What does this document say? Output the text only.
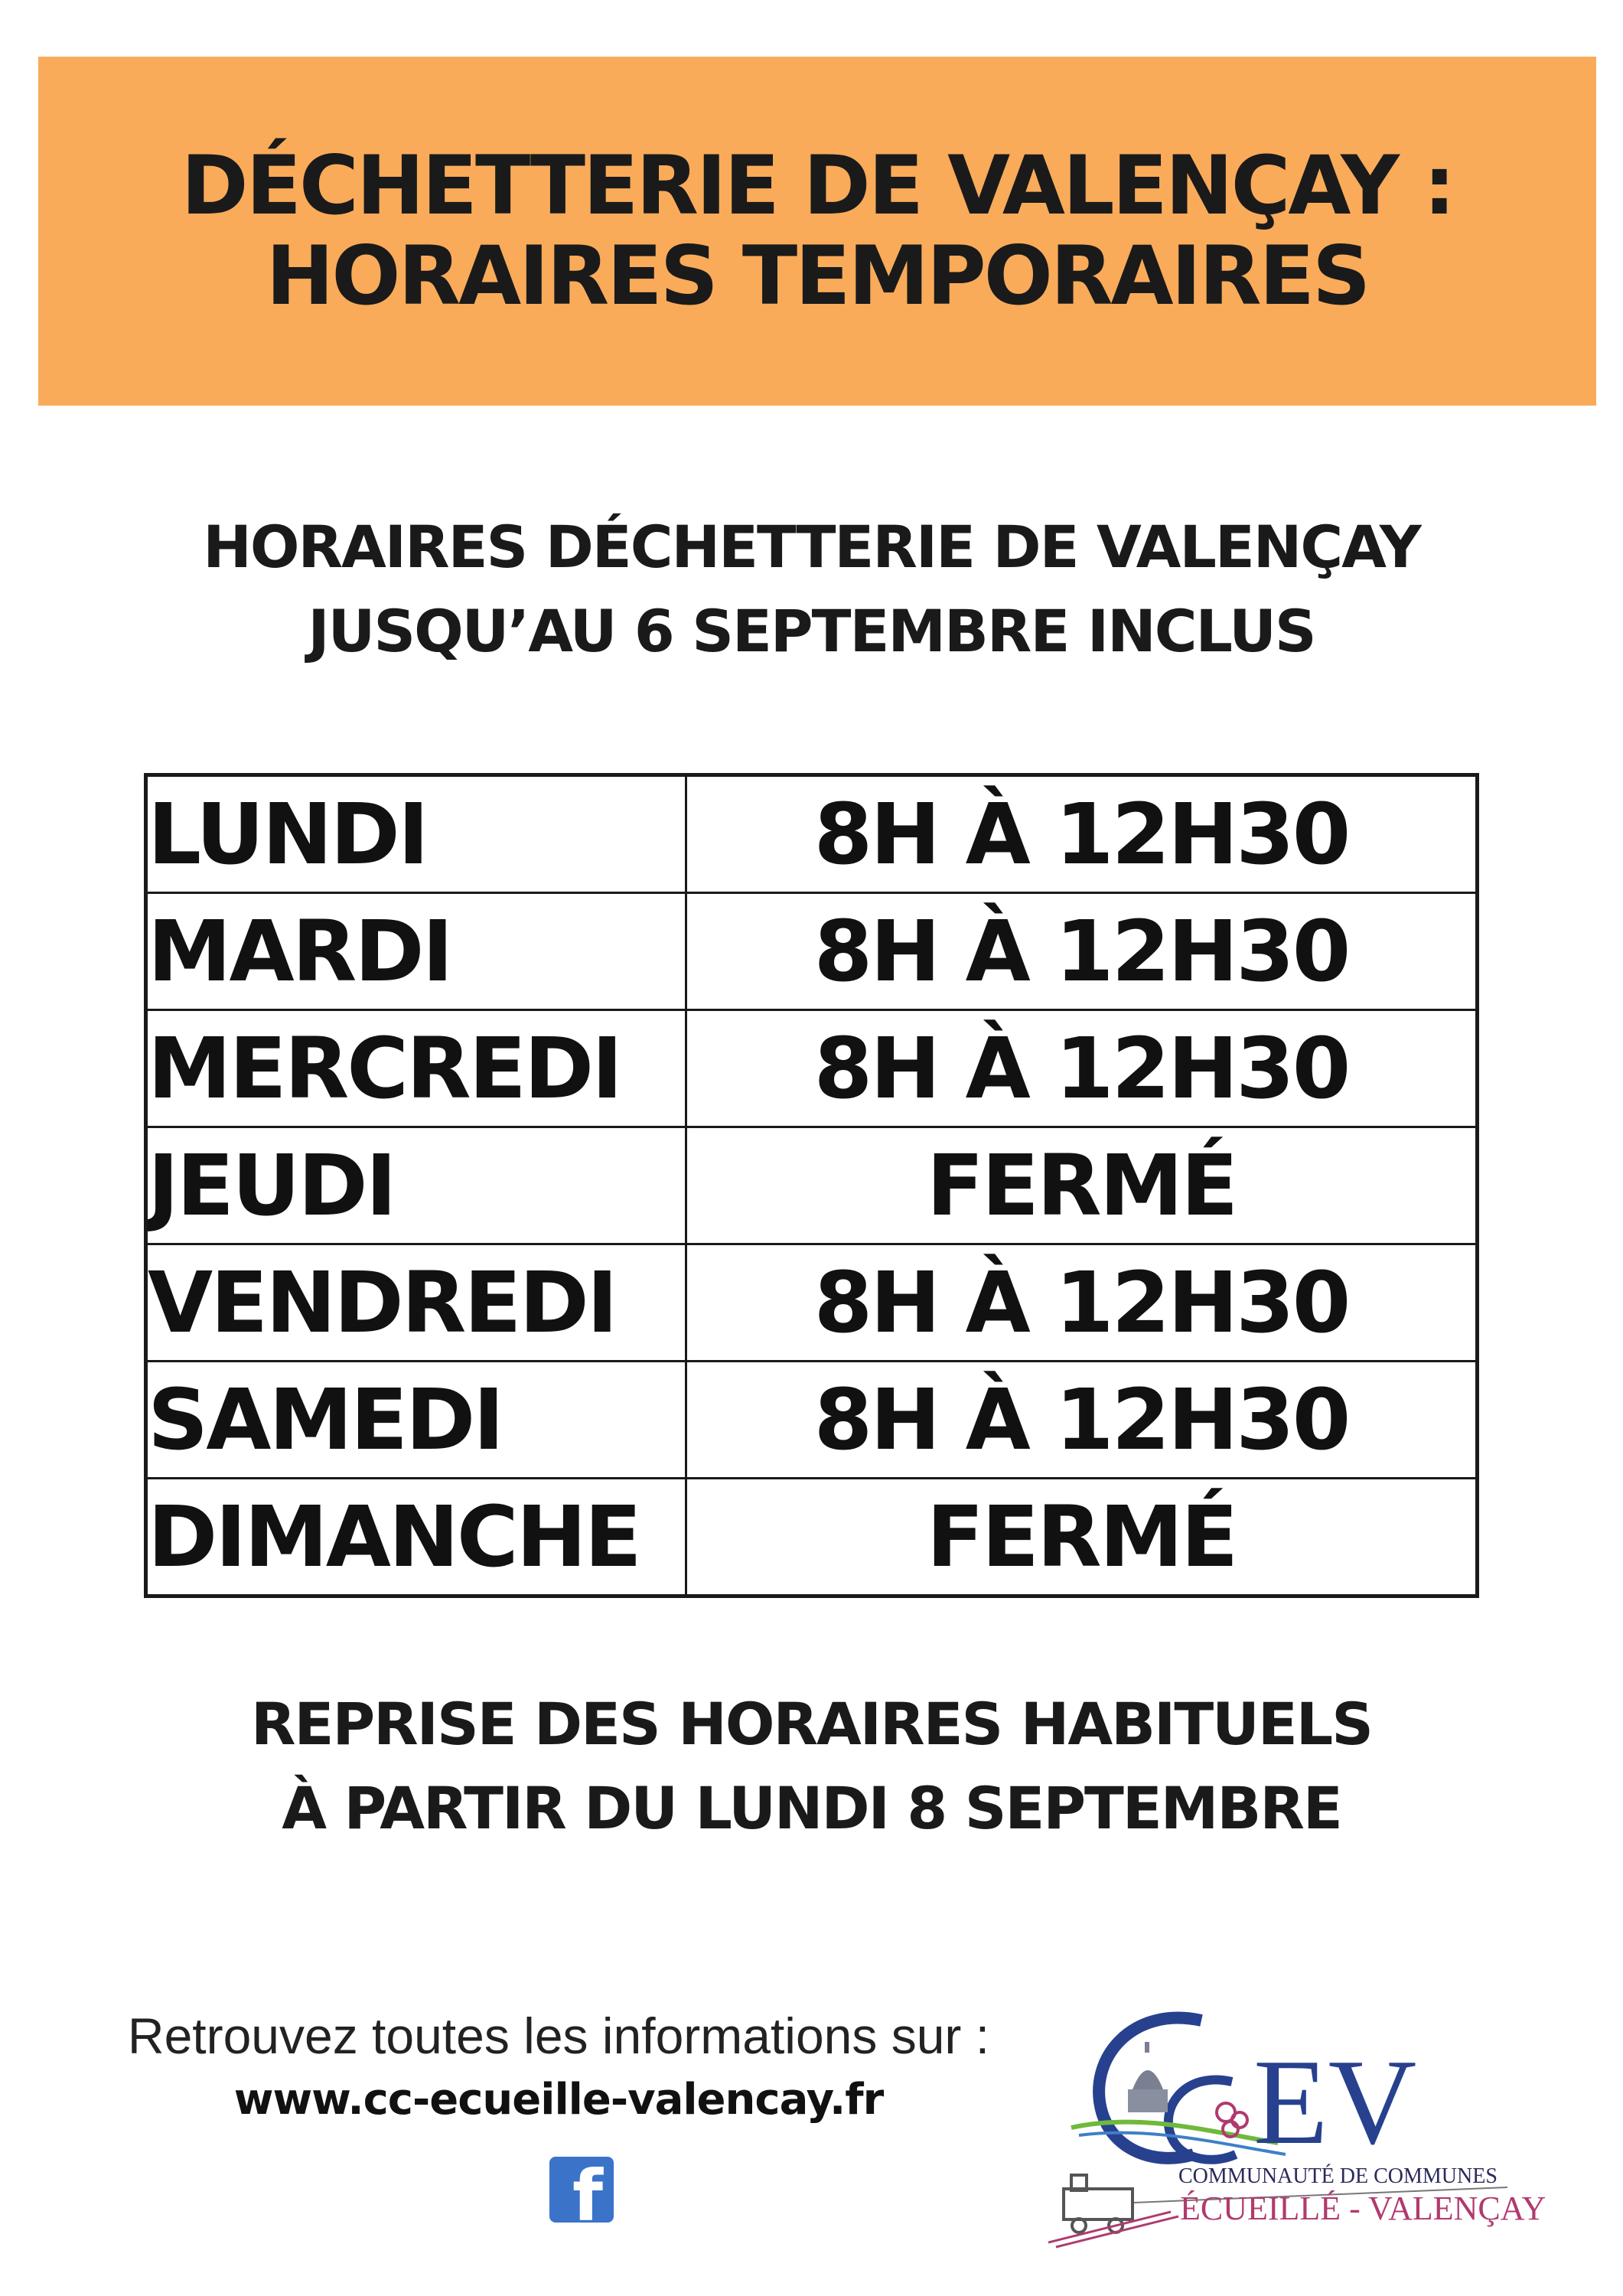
DÉCHETTERIE DE VALENÇAY :
HORAIRES TEMPORAIRES
HORAIRES DÉCHETTERIE DE VALENÇAY
JUSQU’AU 6 SEPTEMBRE INCLUS
LUNDI	8H À 12H30
MARDI	8H À 12H30
MERCREDI	8H À 12H30
JEUDI	FERMÉ
VENDREDI	8H À 12H30
SAMEDI	8H À 12H30
DIMANCHE	FERMÉ
REPRISE DES HORAIRES HABITUELS
À PARTIR DU LUNDI 8 SEPTEMBRE
Retrouvez toutes les informations sur :
www.cc-ecueille-valencay.fr
f
EV
COMMUNAUTÉ DE COMMUNES
ÉCUEILLÉ - VALENÇAY
